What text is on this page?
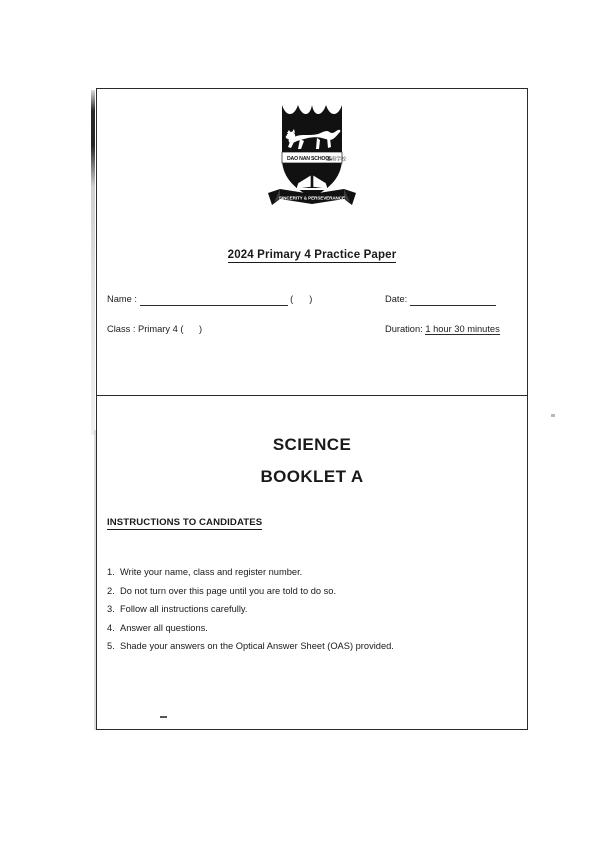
DAO NAN SCHOOL
道南学校
SINCERITY & PERSEVERANCE
2024 Primary 4 Practice Paper
Name :	( )	Date:
Class : Primary 4 ( )	Duration: 1 hour 30 minutes
SCIENCE
BOOKLET A
INSTRUCTIONS TO CANDIDATES
1. Write your name, class and register number.
2. Do not turn over this page until you are told to do so.
3. Follow all instructions carefully.
4. Answer all questions.
5. Shade your answers on the Optical Answer Sheet (OAS) provided.
